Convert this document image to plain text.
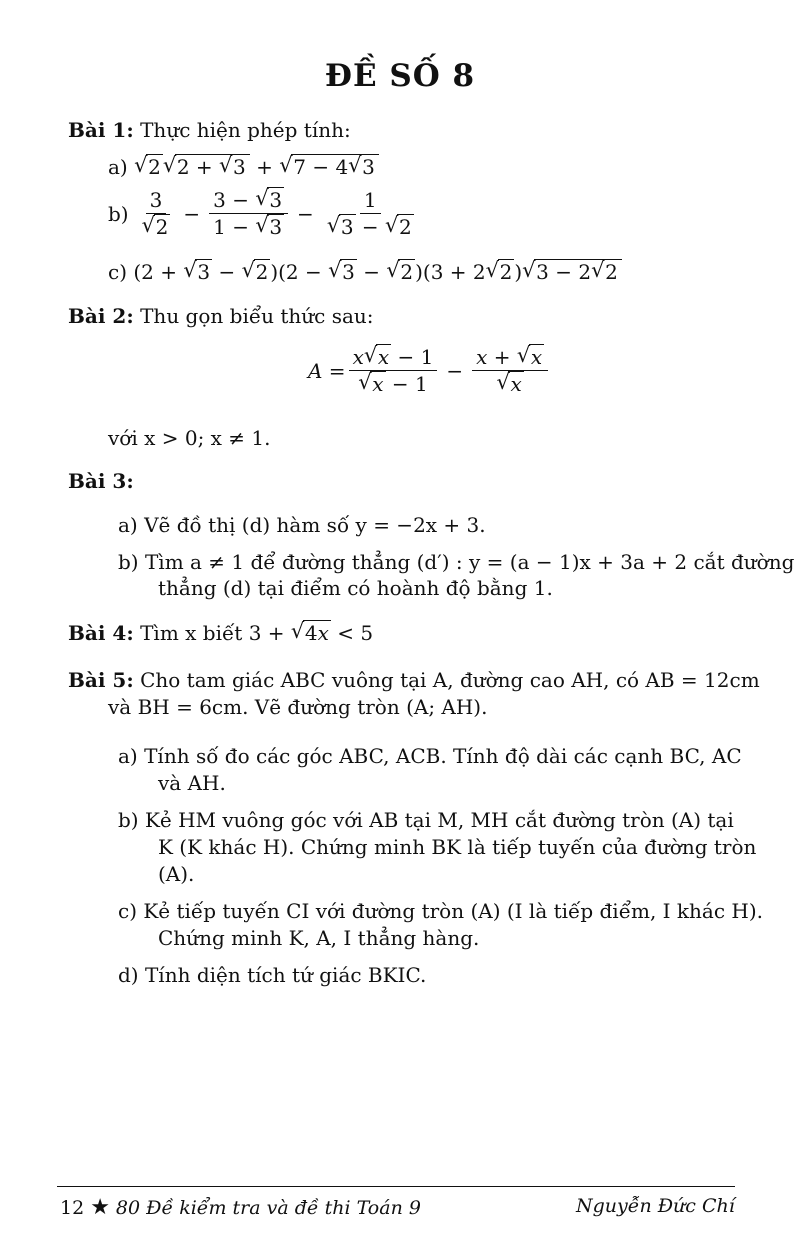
ĐỀ SỐ 8
Bài 1: Thực hiện phép tính:
a) √ 2 √ 2 + √ 3 + √ 7 − 4 √ 3
b) 3
√ $2 - \frac{3 - √ 3}{1 - √ 3} - 1$
√ 3 − √ 2
c) (2 + √ 3 − √ 2 )(2 − √ 3 − √ 2 )(3 + 2 √ 2 ) √ 3 − 2 √ 2
Bài 2: Thu gọn biểu thức sau:
A = x √ x − 1
√ x − 1 − x + √ x
√ x
với x > 0; x ≠ 1.
Bài 3:
a) Vẽ đồ thị (d) hàm số y = −2x + 3.
b) Tìm a ≠ 1 để đường thẳng (d′) : y = (a − 1)x + 3a + 2 cắt đường
thẳng (d) tại điểm có hoành độ bằng 1.
Bài 4: Tìm x biết 3 + √ 4x < 5
Bài 5: Cho tam giác ABC vuông tại A, đường cao AH, có AB = 12cm
và BH = 6cm. Vẽ đường tròn (A; AH).
a) Tính số đo các góc ABC, ACB. Tính độ dài các cạnh BC, AC
và AH.
b) Kẻ HM vuông góc với AB tại M, MH cắt đường tròn (A) tại
K (K khác H). Chứng minh BK là tiếp tuyến của đường tròn
(A).
c) Kẻ tiếp tuyến CI với đường tròn (A) (I là tiếp điểm, I khác H).
Chứng minh K, A, I thẳng hàng.
d) Tính diện tích tứ giác BKIC.
12 ★ 80 Đề kiểm tra và đề thi Toán 9	Nguyễn Đức Chí
